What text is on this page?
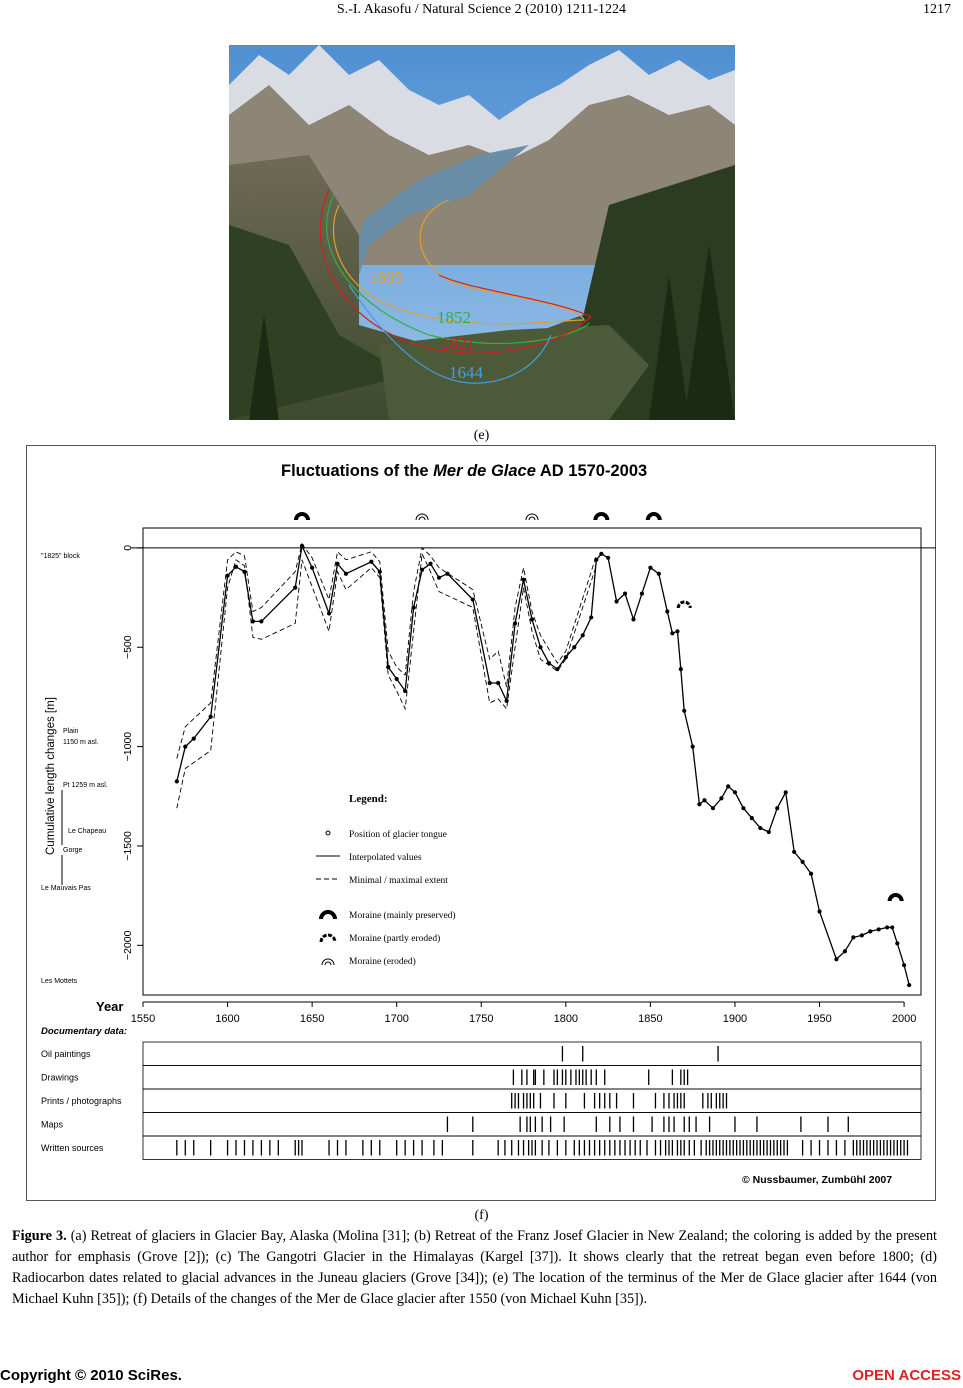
S.-I. Akasofu / Natural Science 2 (2010) 1211-1224	1217
1895
1852
1821
1644
(e)
Fluctuations of the Mer de Glace AD 1570-2003
0
−500
−1000
−1500
−2000
"1825" block
Plain
1150 m asl.
Pt 1259 m asl.
Le Chapeau
Gorge
Le Mauvais Pas
Les Mottets
Cumulative length changes [m]
Year
1550	1600	1650	1700	1750	1800	1850	1900	1950	2000
Legend:
Position of glacier tongue
Interpolated values
Minimal / maximal extent
Moraine (mainly preserved)
Moraine (partly eroded)
Moraine (eroded)
Documentary data:
Oil paintings
Drawings
Prints / photographs
Maps
Written sources
© Nussbaumer, Zumbühl 2007
(f)
Figure 3. (a) Retreat of glaciers in Glacier Bay, Alaska (Molina [31]; (b) Retreat of the Franz Josef Glacier in New Zealand; the coloring is added by the present author for emphasis (Grove [2]); (c) The Gangotri Glacier in the Himalayas (Kargel [37]). It shows clearly that the retreat began even before 1800; (d) Radiocarbon dates related to glacial advances in the Juneau glaciers (Grove [34]); (e) The location of the terminus of the Mer de Glace glacier after 1644 (von Michael Kuhn [35]); (f) Details of the changes of the Mer de Glace glacier after 1550 (von Michael Kuhn [35]).
Copyright © 2010 SciRes.	OPEN ACCESS
